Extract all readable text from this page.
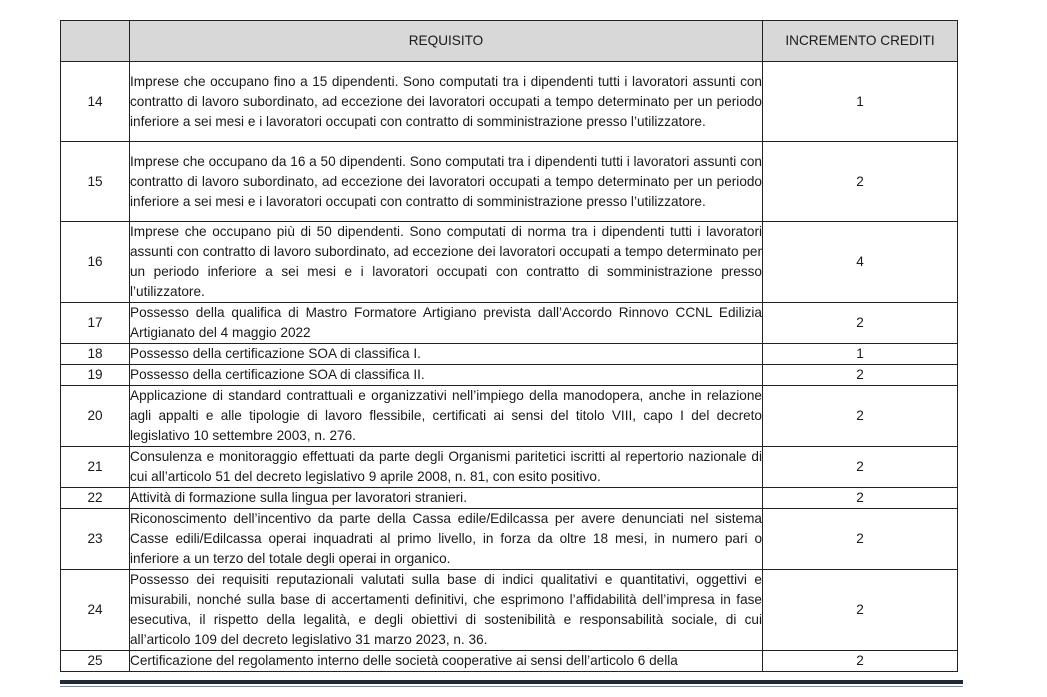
	REQUISITO	INCREMENTO CREDITI
14	Imprese che occupano fino a 15 dipendenti. Sono computati tra i dipendenti tutti i lavoratori assunti con contratto di lavoro subordinato, ad eccezione dei lavoratori occupati a tempo determinato per un periodo inferiore a sei mesi e i lavoratori occupati con contratto di somministrazione presso l’utilizzatore.	1
15	Imprese che occupano da 16 a 50 dipendenti. Sono computati tra i dipendenti tutti i lavoratori assunti con contratto di lavoro subordinato, ad eccezione dei lavoratori occupati a tempo determinato per un periodo inferiore a sei mesi e i lavoratori occupati con contratto di somministrazione presso l’utilizzatore.	2
16	Imprese che occupano più di 50 dipendenti. Sono computati di norma tra i dipendenti tutti i lavoratori assunti con contratto di lavoro subordinato, ad eccezione dei lavoratori occupati a tempo determinato per un periodo inferiore a sei mesi e i lavoratori occupati con contratto di somministrazione presso l’utilizzatore.	4
17	Possesso della qualifica di Mastro Formatore Artigiano prevista dall’Accordo Rinnovo CCNL Edilizia Artigianato del 4 maggio 2022	2
18	Possesso della certificazione SOA di classifica I.	1
19	Possesso della certificazione SOA di classifica II.	2
20	Applicazione di standard contrattuali e organizzativi nell’impiego della manodopera, anche in relazione agli appalti e alle tipologie di lavoro flessibile, certificati ai sensi del titolo VIII, capo I del decreto legislativo 10 settembre 2003, n. 276.	2
21	Consulenza e monitoraggio effettuati da parte degli Organismi paritetici iscritti al repertorio nazionale di cui all’articolo 51 del decreto legislativo 9 aprile 2008, n. 81, con esito positivo.	2
22	Attività di formazione sulla lingua per lavoratori stranieri.	2
23	Riconoscimento dell’incentivo da parte della Cassa edile/Edilcassa per avere denunciati nel sistema Casse edili/Edilcassa operai inquadrati al primo livello, in forza da oltre 18 mesi, in numero pari o inferiore a un terzo del totale degli operai in organico.	2
24	Possesso dei requisiti reputazionali valutati sulla base di indici qualitativi e quantitativi, oggettivi e misurabili, nonché sulla base di accertamenti definitivi, che esprimono l’affidabilità dell’impresa in fase esecutiva, il rispetto della legalità, e degli obiettivi di sostenibilità e responsabilità sociale, di cui all’articolo 109 del decreto legislativo 31 marzo 2023, n. 36.	2
25	Certificazione del regolamento interno delle società cooperative ai sensi dell’articolo 6 della	2
